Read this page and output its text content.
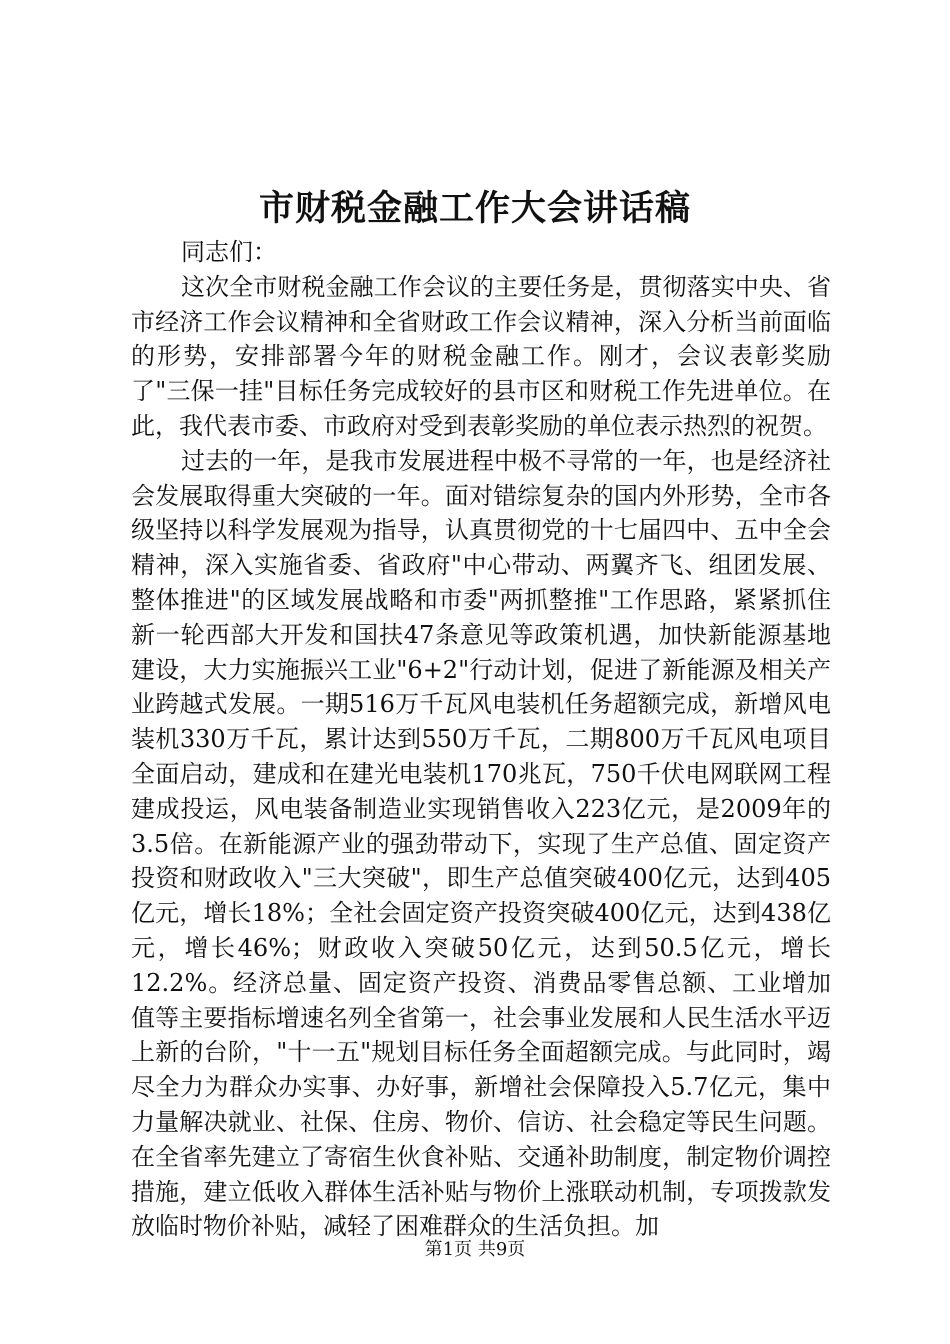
市财税金融工作大会讲话稿

同志们：

这次全市财税金融工作会议的主要任务是，贯彻落实中央、省市经济工作会议精神和全省财政工作会议精神，深入分析当前面临的形势，安排部署今年的财税金融工作。刚才，会议表彰奖励了"三保一挂"目标任务完成较好的县市区和财税工作先进单位。在此，我代表市委、市政府对受到表彰奖励的单位表示热烈的祝贺。

过去的一年，是我市发展进程中极不寻常的一年，也是经济社会发展取得重大突破的一年。面对错综复杂的国内外形势，全市各级坚持以科学发展观为指导，认真贯彻党的十七届四中、五中全会精神，深入实施省委、省政府"中心带动、两翼齐飞、组团发展、整体推进"的区域发展战略和市委"两抓整推"工作思路，紧紧抓住新一轮西部大开发和国扶47条意见等政策机遇，加快新能源基地建设，大力实施振兴工业"6+2"行动计划，促进了新能源及相关产业跨越式发展。一期516万千瓦风电装机任务超额完成，新增风电装机330万千瓦，累计达到550万千瓦，二期800万千瓦风电项目全面启动，建成和在建光电装机170兆瓦，750千伏电网联网工程建成投运，风电装备制造业实现销售收入223亿元，是2009年的3.5倍。在新能源产业的强劲带动下，实现了生产总值、固定资产投资和财政收入"三大突破"，即生产总值突破400亿元，达到405亿元，增长18%；全社会固定资产投资突破400亿元，达到438亿元，增长46%；财政收入突破50亿元，达到50.5亿元，增长12.2%。经济总量、固定资产投资、消费品零售总额、工业增加值等主要指标增速名列全省第一，社会事业发展和人民生活水平迈上新的台阶，"十一五"规划目标任务全面超额完成。与此同时，竭尽全力为群众办实事、办好事，新增社会保障投入5.7亿元，集中力量解决就业、社保、住房、物价、信访、社会稳定等民生问题。在全省率先建立了寄宿生伙食补贴、交通补助制度，制定物价调控措施，建立低收入群体生活补贴与物价上涨联动机制，专项拨款发放临时物价补贴，减轻了困难群众的生活负担。加

第1页 共9页
